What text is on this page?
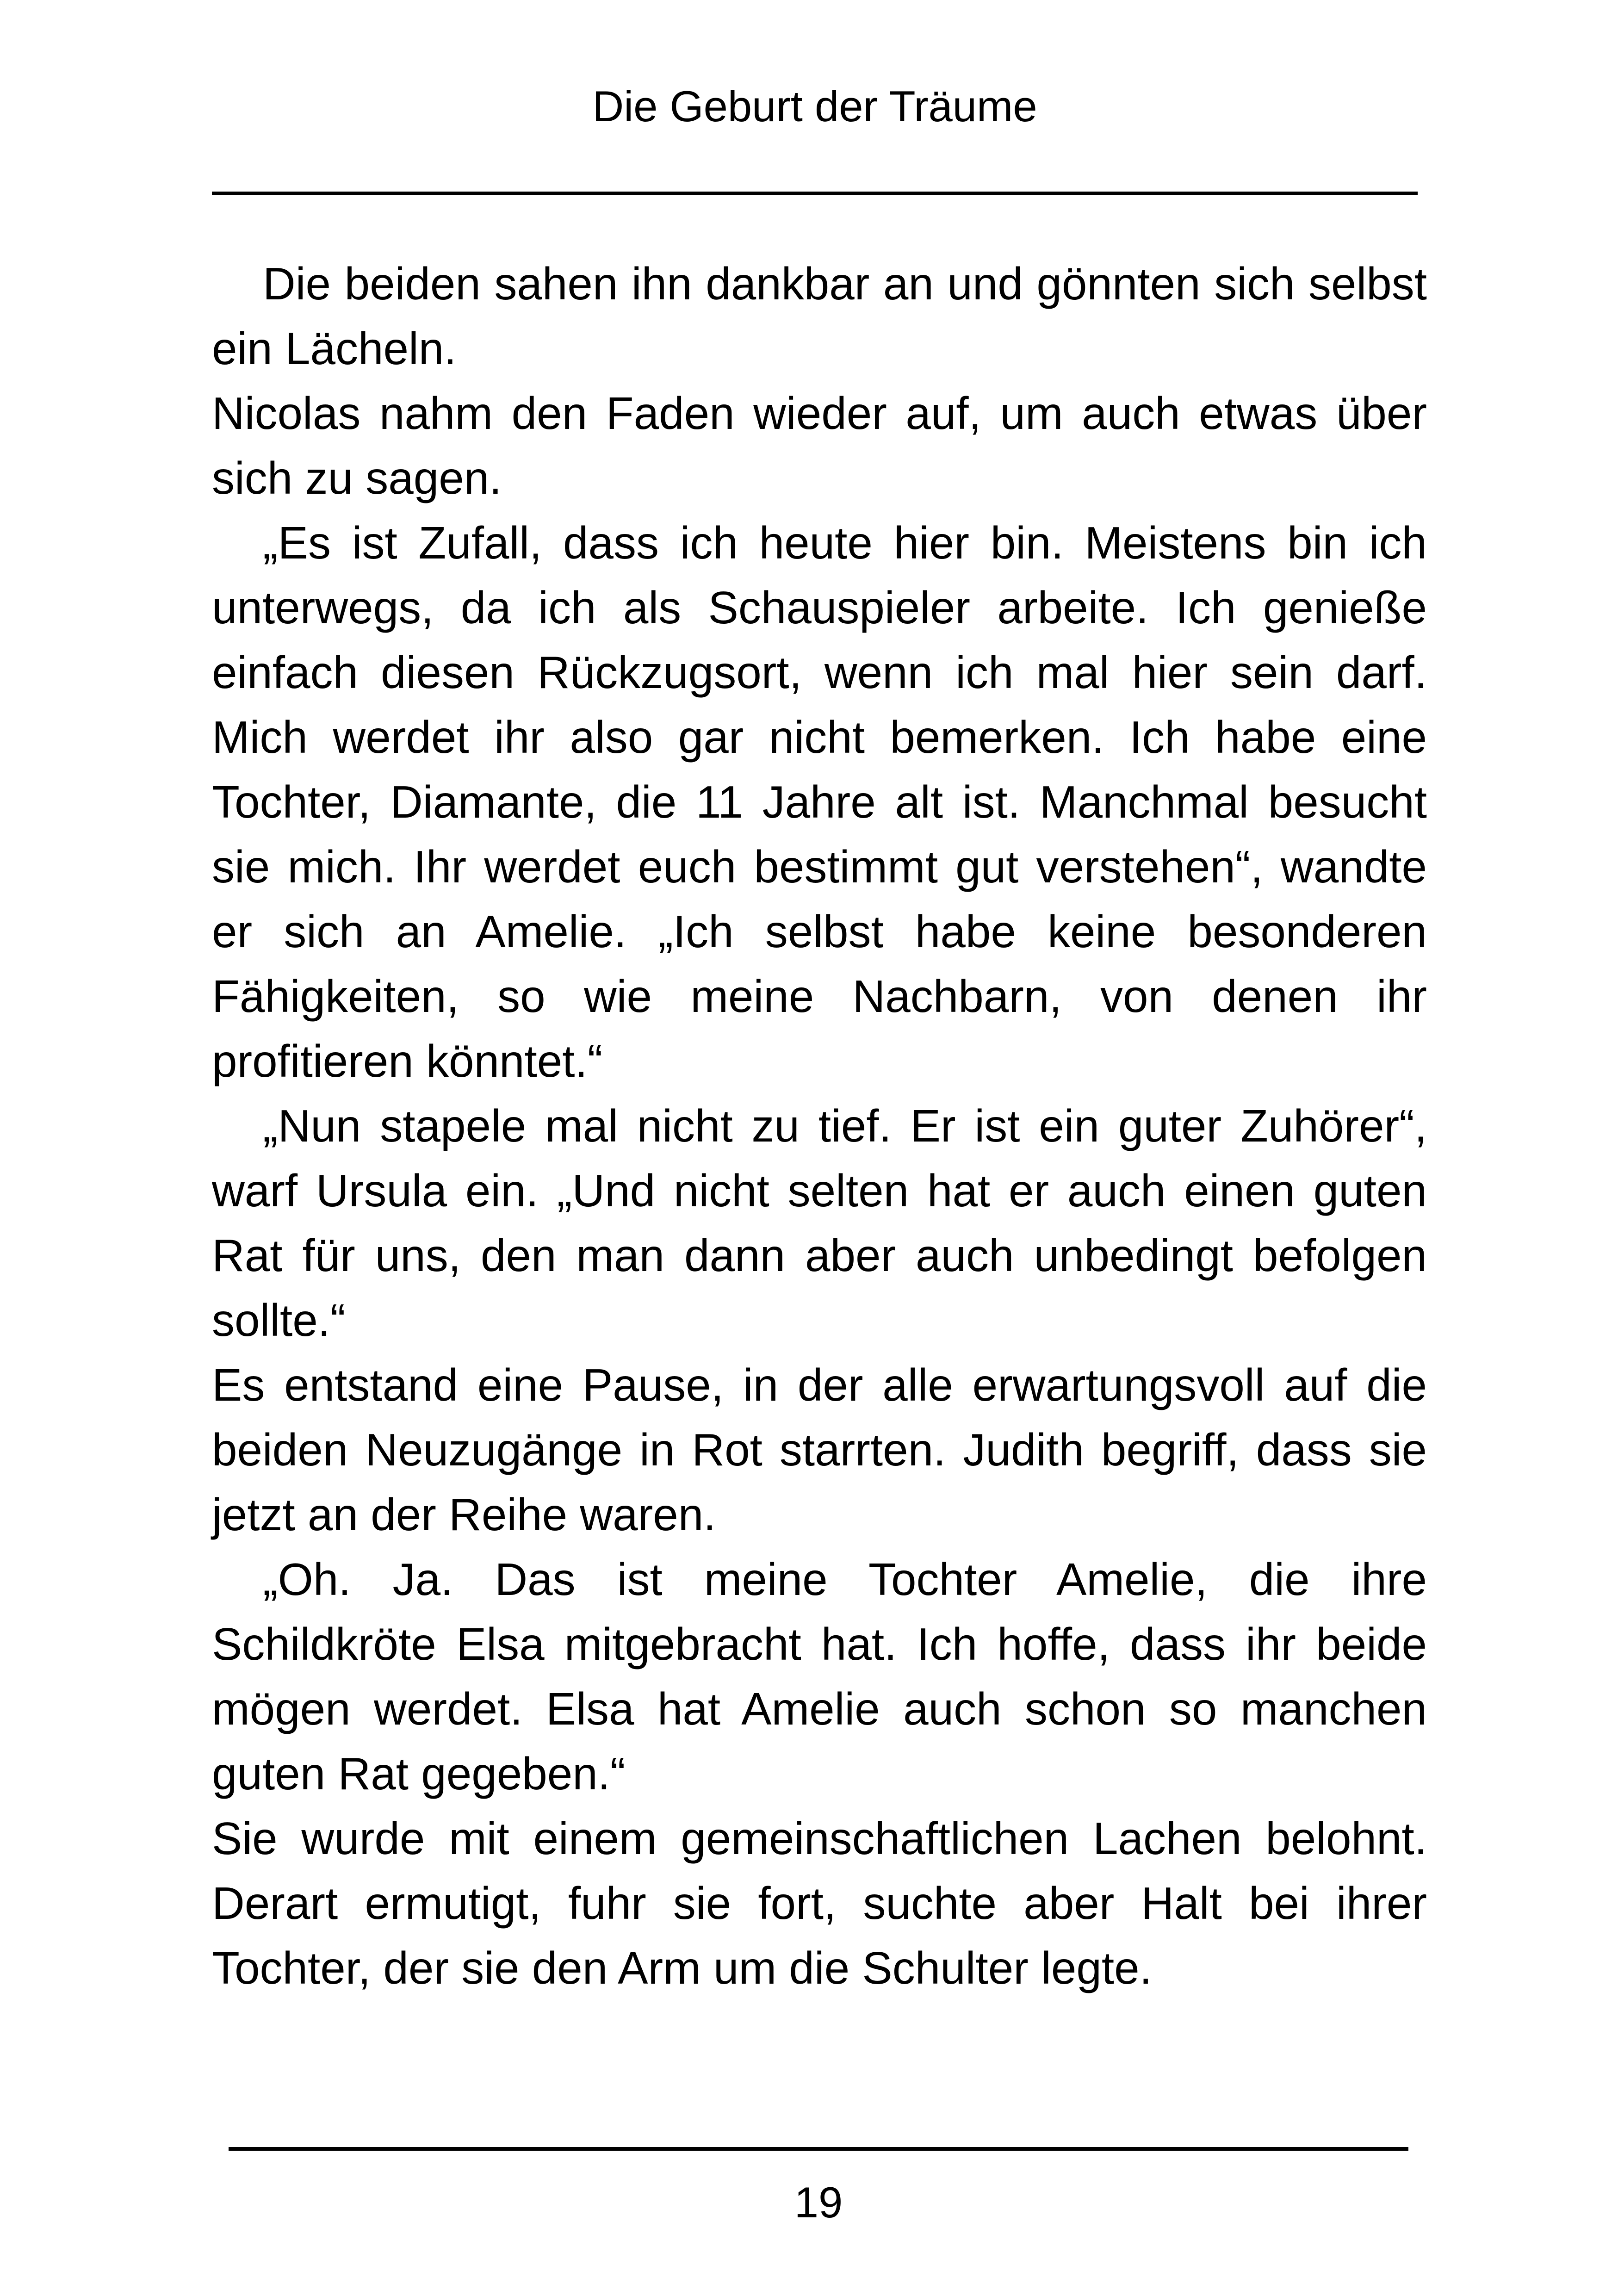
Die Geburt der Träume

Die beiden sahen ihn dankbar an und gönnten sich selbst ein Lächeln.

Nicolas nahm den Faden wieder auf, um auch etwas über sich zu sagen.

„Es ist Zufall, dass ich heute hier bin. Meistens bin ich unterwegs, da ich als Schauspieler arbeite. Ich genieße einfach diesen Rückzugsort, wenn ich mal hier sein darf. Mich werdet ihr also gar nicht bemerken. Ich habe eine Tochter, Diamante, die 11 Jahre alt ist. Manchmal besucht sie mich. Ihr werdet euch bestimmt gut verstehen“, wandte er sich an Amelie. „Ich selbst habe keine besonderen Fähigkeiten, so wie meine Nachbarn, von denen ihr profitieren könntet.“

„Nun stapele mal nicht zu tief. Er ist ein guter Zuhörer“, warf Ursula ein. „Und nicht selten hat er auch einen guten Rat für uns, den man dann aber auch unbedingt befolgen sollte.“

Es entstand eine Pause, in der alle erwartungsvoll auf die beiden Neuzugänge in Rot starrten. Judith begriff, dass sie jetzt an der Reihe waren.

„Oh. Ja. Das ist meine Tochter Amelie, die ihre Schildkröte Elsa mitgebracht hat. Ich hoffe, dass ihr beide mögen werdet. Elsa hat Amelie auch schon so manchen guten Rat gegeben.“

Sie wurde mit einem gemeinschaftlichen Lachen belohnt. Derart ermutigt, fuhr sie fort, suchte aber Halt bei ihrer Tochter, der sie den Arm um die Schulter legte.

19
